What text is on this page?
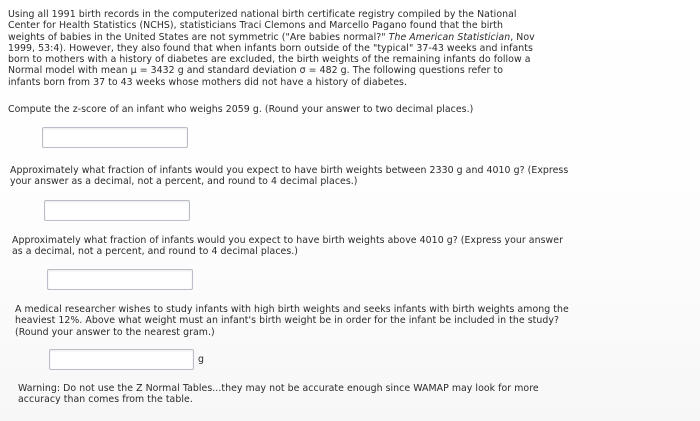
Using all 1991 birth records in the computerized national birth certificate registry compiled by the National Center for Health Statistics (NCHS), statisticians Traci Clemons and Marcello Pagano found that the birth weights of babies in the United States are not symmetric ("Are babies normal?" The American Statistician, Nov 1999, 53:4). However, they also found that when infants born outside of the "typical" 37-43 weeks and infants born to mothers with a history of diabetes are excluded, the birth weights of the remaining infants do follow a Normal model with mean μ = 3432 g and standard deviation σ = 482 g. The following questions refer to infants born from 37 to 43 weeks whose mothers did not have a history of diabetes.
Compute the z-score of an infant who weighs 2059 g. (Round your answer to two decimal places.)
Approximately what fraction of infants would you expect to have birth weights between 2330 g and 4010 g? (Express your answer as a decimal, not a percent, and round to 4 decimal places.)
Approximately what fraction of infants would you expect to have birth weights above 4010 g? (Express your answer as a decimal, not a percent, and round to 4 decimal places.)
A medical researcher wishes to study infants with high birth weights and seeks infants with birth weights among the heaviest 12%. Above what weight must an infant's birth weight be in order for the infant be included in the study? (Round your answer to the nearest gram.)
g
Warning: Do not use the Z Normal Tables...they may not be accurate enough since WAMAP may look for more accuracy than comes from the table.
